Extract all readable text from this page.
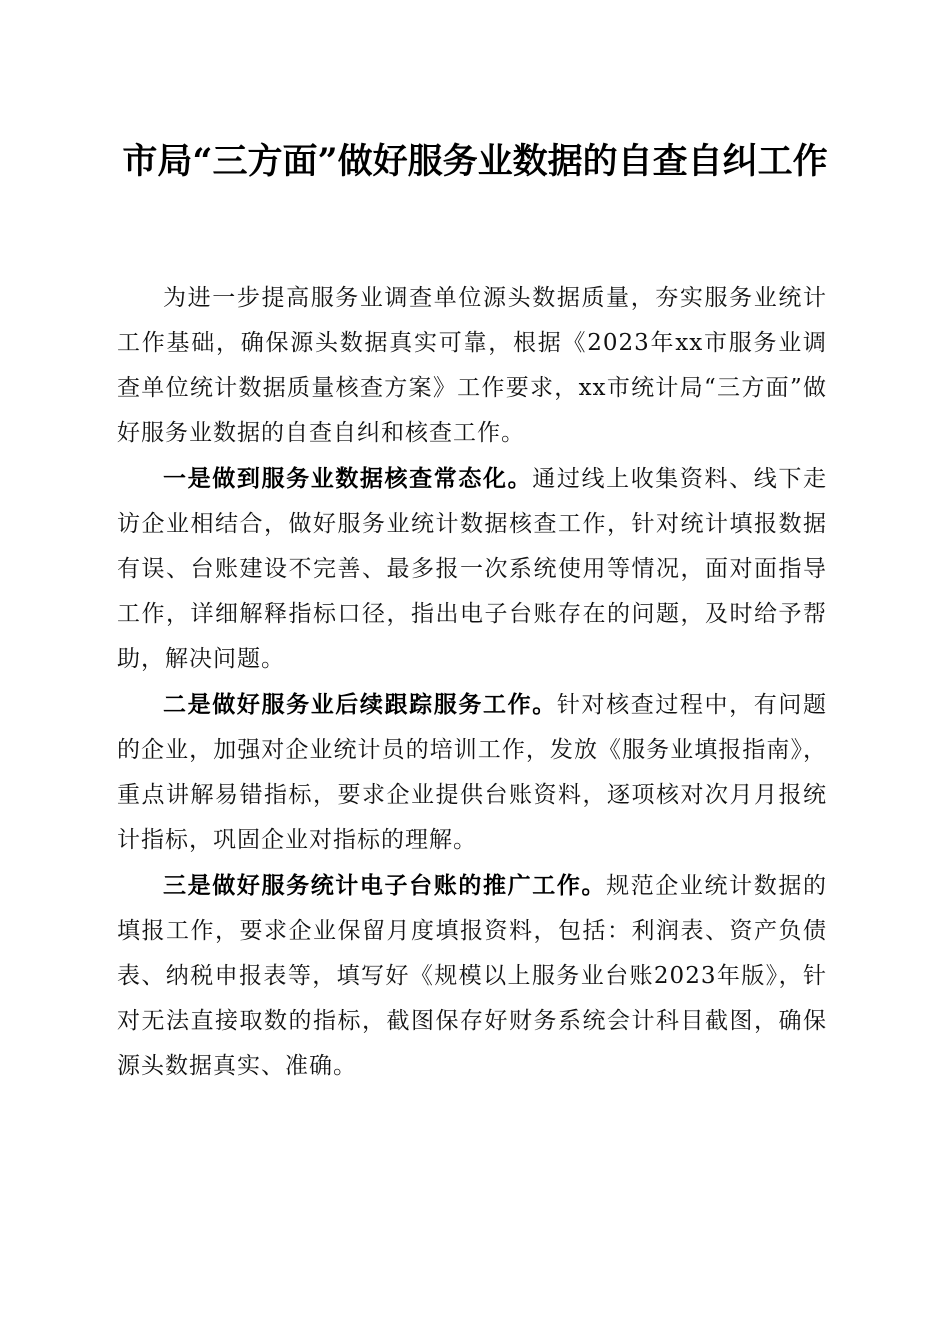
市局“三方面”做好服务业数据的自查自纠工作

为进一步提高服务业调查单位源头数据质量，夯实服务业统计工作基础，确保源头数据真实可靠，根据《2023年xx市服务业调查单位统计数据质量核查方案》工作要求，xx市统计局“三方面”做好服务业数据的自查自纠和核查工作。

一是做到服务业数据核查常态化。通过线上收集资料、线下走访企业相结合，做好服务业统计数据核查工作，针对统计填报数据有误、台账建设不完善、最多报一次系统使用等情况，面对面指导工作，详细解释指标口径，指出电子台账存在的问题，及时给予帮助，解决问题。

二是做好服务业后续跟踪服务工作。针对核查过程中，有问题的企业，加强对企业统计员的培训工作，发放《服务业填报指南》，重点讲解易错指标，要求企业提供台账资料，逐项核对次月月报统计指标，巩固企业对指标的理解。

三是做好服务统计电子台账的推广工作。规范企业统计数据的填报工作，要求企业保留月度填报资料，包括：利润表、资产负债表、纳税申报表等，填写好《规模以上服务业台账2023年版》，针对无法直接取数的指标，截图保存好财务系统会计科目截图，确保源头数据真实、准确。
